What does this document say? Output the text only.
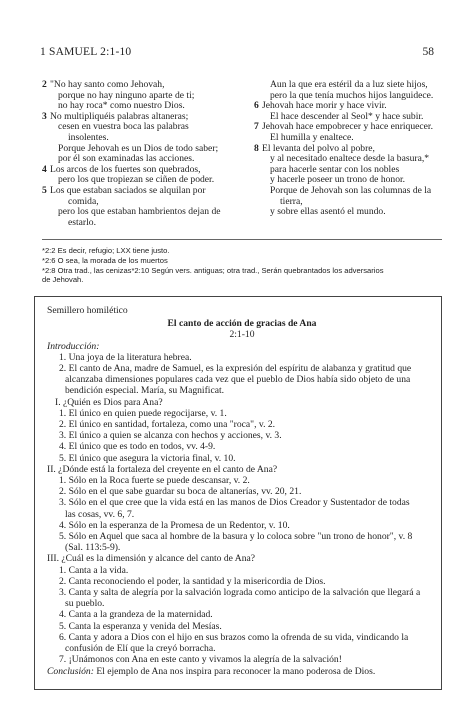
1 SAMUEL 2:1-10	58
2 "No hay santo como Jehovah,
porque no hay ninguno aparte de ti;
no hay roca* como nuestro Dios.
3 No multipliquéis palabras altaneras;
cesen en vuestra boca las palabras
insolentes.
Porque Jehovah es un Dios de todo saber;
por él son examinadas las acciones.
4 Los arcos de los fuertes son quebrados,
pero los que tropiezan se ciñen de poder.
5 Los que estaban saciados se alquilan por
comida,
pero los que estaban hambrientos dejan de
estarlo.
Aun la que era estéril da a luz siete hijos,
pero la que tenía muchos hijos languidece.
6 Jehovah hace morir y hace vivir.
El hace descender al Seol* y hace subir.
7 Jehovah hace empobrecer y hace enriquecer.
El humilla y enaltece.
8 El levanta del polvo al pobre,
y al necesitado enaltece desde la basura,*
para hacerle sentar con los nobles
y hacerle poseer un trono de honor.
Porque de Jehovah son las columnas de la
tierra,
y sobre ellas asentó el mundo.
*2:2 Es decir, refugio; LXX tiene justo.
*2:6 O sea, la morada de los muertos
*2:8 Otra trad., las cenizas*2:10 Según vers. antiguas; otra trad., Serán quebrantados los adversarios
de Jehovah.
Semillero homilético
El canto de acción de gracias de Ana
2:1-10
Introducción:
1. Una joya de la literatura hebrea.
2. El canto de Ana, madre de Samuel, es la expresión del espíritu de alabanza y gratitud que
alcanzaba dimensiones populares cada vez que el pueblo de Dios había sido objeto de una
bendición especial. María, su Magnificat.
I. ¿Quién es Dios para Ana?
1. El único en quien puede regocijarse, v. 1.
2. El único en santidad, fortaleza, como una "roca", v. 2.
3. El único a quien se alcanza con hechos y acciones, v. 3.
4. El único que es todo en todos, vv. 4-9.
5. El único que asegura la victoria final, v. 10.
II. ¿Dónde está la fortaleza del creyente en el canto de Ana?
1. Sólo en la Roca fuerte se puede descansar, v. 2.
2. Sólo en el que sabe guardar su boca de altanerías, vv. 20, 21.
3. Sólo en el que cree que la vida está en las manos de Dios Creador y Sustentador de todas
las cosas, vv. 6, 7.
4. Sólo en la esperanza de la Promesa de un Redentor, v. 10.
5. Sólo en Aquel que saca al hombre de la basura y lo coloca sobre "un trono de honor", v. 8
(Sal. 113:5-9).
III. ¿Cuál es la dimensión y alcance del canto de Ana?
1. Canta a la vida.
2. Canta reconociendo el poder, la santidad y la misericordia de Dios.
3. Canta y salta de alegría por la salvación lograda como anticipo de la salvación que llegará a
su pueblo.
4. Canta a la grandeza de la maternidad.
5. Canta la esperanza y venida del Mesías.
6. Canta y adora a Dios con el hijo en sus brazos como la ofrenda de su vida, vindicando la
confusión de Elí que la creyó borracha.
7. ¡Unámonos con Ana en este canto y vivamos la alegría de la salvación!
Conclusión: El ejemplo de Ana nos inspira para reconocer la mano poderosa de Dios.
